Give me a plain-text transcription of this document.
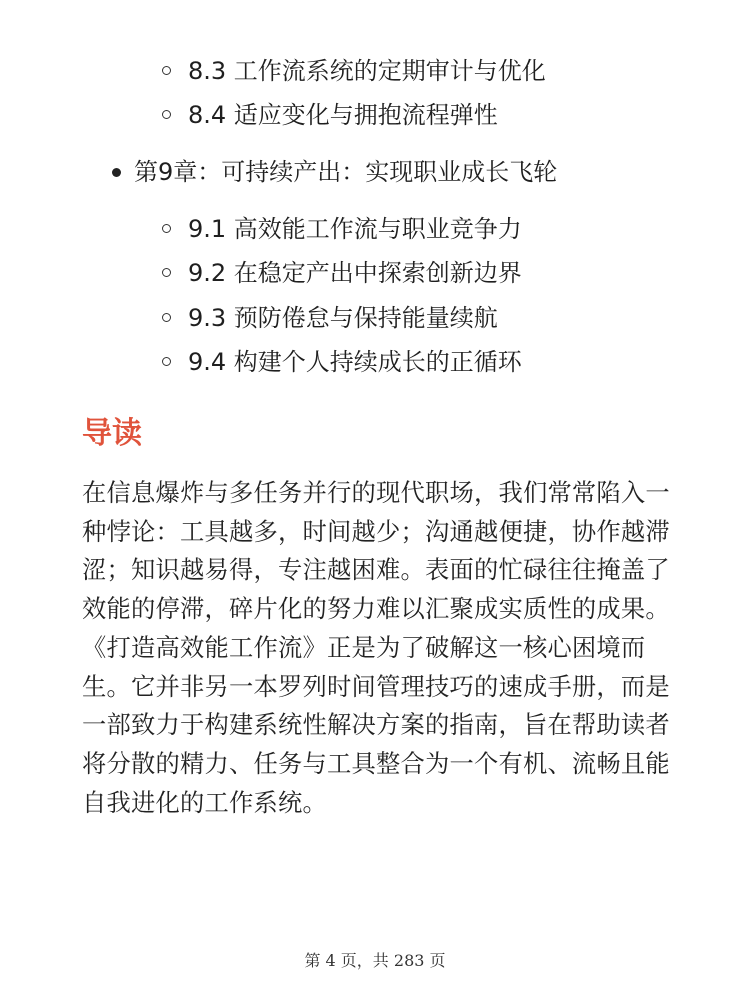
8.3 工作流系统的定期审计与优化
8.4 适应变化与拥抱流程弹性
第9章：可持续产出：实现职业成长飞轮
9.1 高效能工作流与职业竞争力
9.2 在稳定产出中探索创新边界
9.3 预防倦怠与保持能量续航
9.4 构建个人持续成长的正循环
导读
在信息爆炸与多任务并行的现代职场，我们常常陷入一种悖论：工具越多，时间越少；沟通越便捷，协作越滞涩；知识越易得，专注越困难。表面的忙碌往往掩盖了效能的停滞，碎片化的努力难以汇聚成实质性的成果。《打造高效能工作流》正是为了破解这一核心困境而生。它并非另一本罗列时间管理技巧的速成手册，而是一部致力于构建系统性解决方案的指南，旨在帮助读者将分散的精力、任务与工具整合为一个有机、流畅且能自我进化的工作系统。
第 4 页，共 283 页
